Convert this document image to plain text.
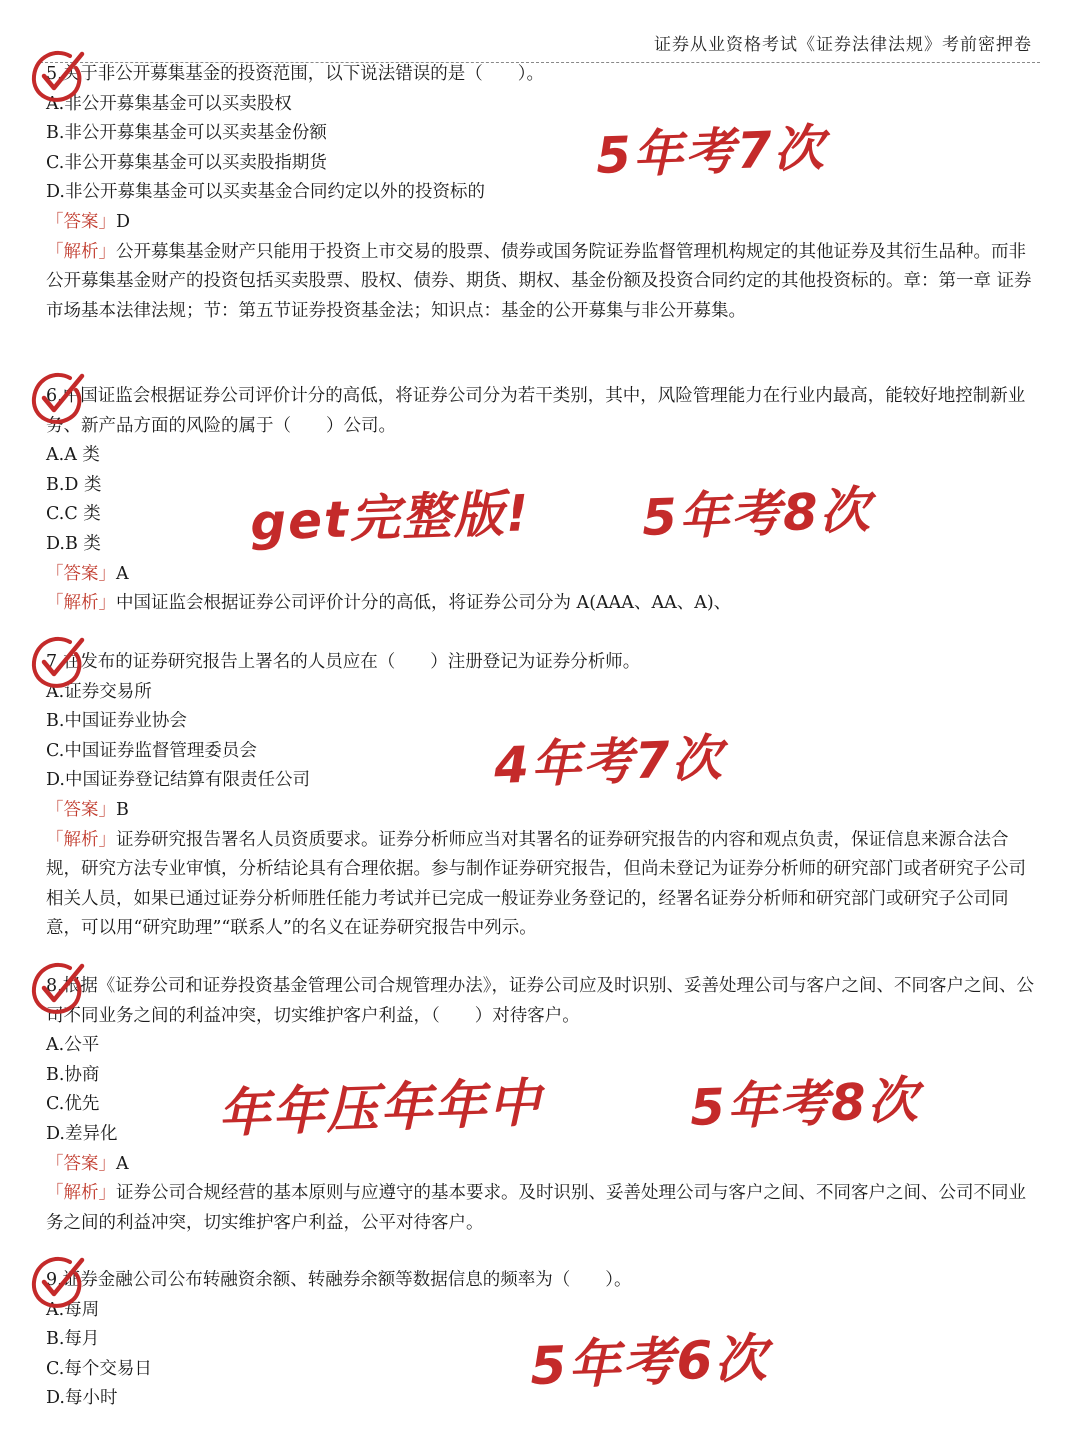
证券从业资格考试《证券法律法规》考前密押卷
5.关于非公开募集基金的投资范围，以下说法错误的是（　　）。
A.非公开募集基金可以买卖股权
B.非公开募集基金可以买卖基金份额
C.非公开募集基金可以买卖股指期货
D.非公开募集基金可以买卖基金合同约定以外的投资标的
「答案」D
「解析」公开募集基金财产只能用于投资上市交易的股票、债券或国务院证券监督管理机构规定的其他证券及其衍生品种。而非公开募集基金财产的投资包括买卖股票、股权、债券、期货、期权、基金份额及投资合同约定的其他投资标的。章：第一章 证券市场基本法律法规；节：第五节证券投资基金法；知识点：基金的公开募集与非公开募集。
6.中国证监会根据证券公司评价计分的高低，将证券公司分为若干类别，其中，风险管理能力在行业内最高，能较好地控制新业务、新产品方面的风险的属于（　　）公司。
A.A 类
B.D 类
C.C 类
D.B 类
「答案」A
「解析」中国证监会根据证券公司评价计分的高低，将证券公司分为 A(AAA、AA、A)、
7.在发布的证券研究报告上署名的人员应在（　　）注册登记为证券分析师。
A.证券交易所
B.中国证券业协会
C.中国证券监督管理委员会
D.中国证券登记结算有限责任公司
「答案」B
「解析」证券研究报告署名人员资质要求。证券分析师应当对其署名的证券研究报告的内容和观点负责，保证信息来源合法合规，研究方法专业审慎，分析结论具有合理依据。参与制作证券研究报告，但尚未登记为证券分析师的研究部门或者研究子公司相关人员，如果已通过证券分析师胜任能力考试并已完成一般证券业务登记的，经署名证券分析师和研究部门或研究子公司同意，可以用“研究助理”“联系人”的名义在证券研究报告中列示。
8.根据《证券公司和证券投资基金管理公司合规管理办法》，证券公司应及时识别、妥善处理公司与客户之间、不同客户之间、公司不同业务之间的利益冲突，切实维护客户利益，（　　）对待客户。
A.公平
B.协商
C.优先
D.差异化
「答案」A
「解析」证券公司合规经营的基本原则与应遵守的基本要求。及时识别、妥善处理公司与客户之间、不同客户之间、公司不同业务之间的利益冲突，切实维护客户利益，公平对待客户。
9.证券金融公司公布转融资余额、转融券余额等数据信息的频率为（　　）。
A.每周
B.每月
C.每个交易日
D.每小时
5年考7次
get完整版! 5年考8次
4年考7次
年年压年年中	5年考8次
5年考6次
